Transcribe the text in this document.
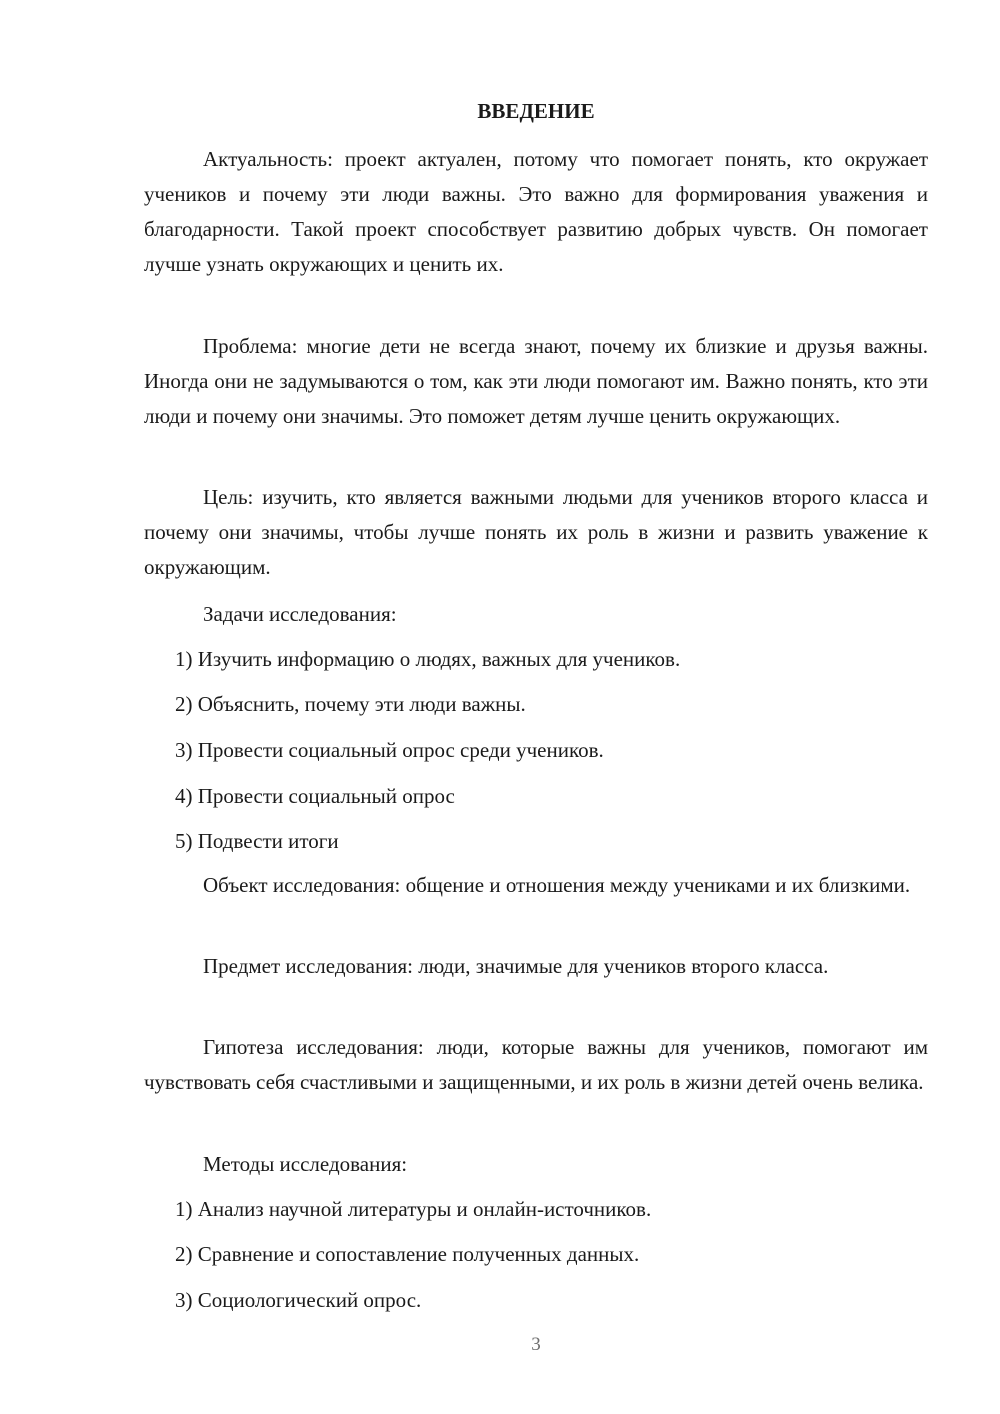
ВВЕДЕНИЕ

Актуальность: проект актуален, потому что помогает понять, кто окружает учеников и почему эти люди важны. Это важно для формирования уважения и благодарности. Такой проект способствует развитию добрых чувств. Он помогает лучше узнать окружающих и ценить их.

Проблема: многие дети не всегда знают, почему их близкие и друзья важны. Иногда они не задумываются о том, как эти люди помогают им. Важно понять, кто эти люди и почему они значимы. Это поможет детям лучше ценить окружающих.

Цель: изучить, кто является важными людьми для учеников второго класса и почему они значимы, чтобы лучше понять их роль в жизни и развить уважение к окружающим.

Задачи исследования:

1) Изучить информацию о людях, важных для учеников.

2) Объяснить, почему эти люди важны.

3) Провести социальный опрос среди учеников.

4) Провести социальный опрос

5) Подвести итоги

Объект исследования: общение и отношения между учениками и их близкими.

Предмет исследования: люди, значимые для учеников второго класса.

Гипотеза исследования: люди, которые важны для учеников, помогают им чувствовать себя счастливыми и защищенными, и их роль в жизни детей очень велика.

Методы исследования:

1) Анализ научной литературы и онлайн-источников.

2) Сравнение и сопоставление полученных данных.

3) Социологический опрос.

3
